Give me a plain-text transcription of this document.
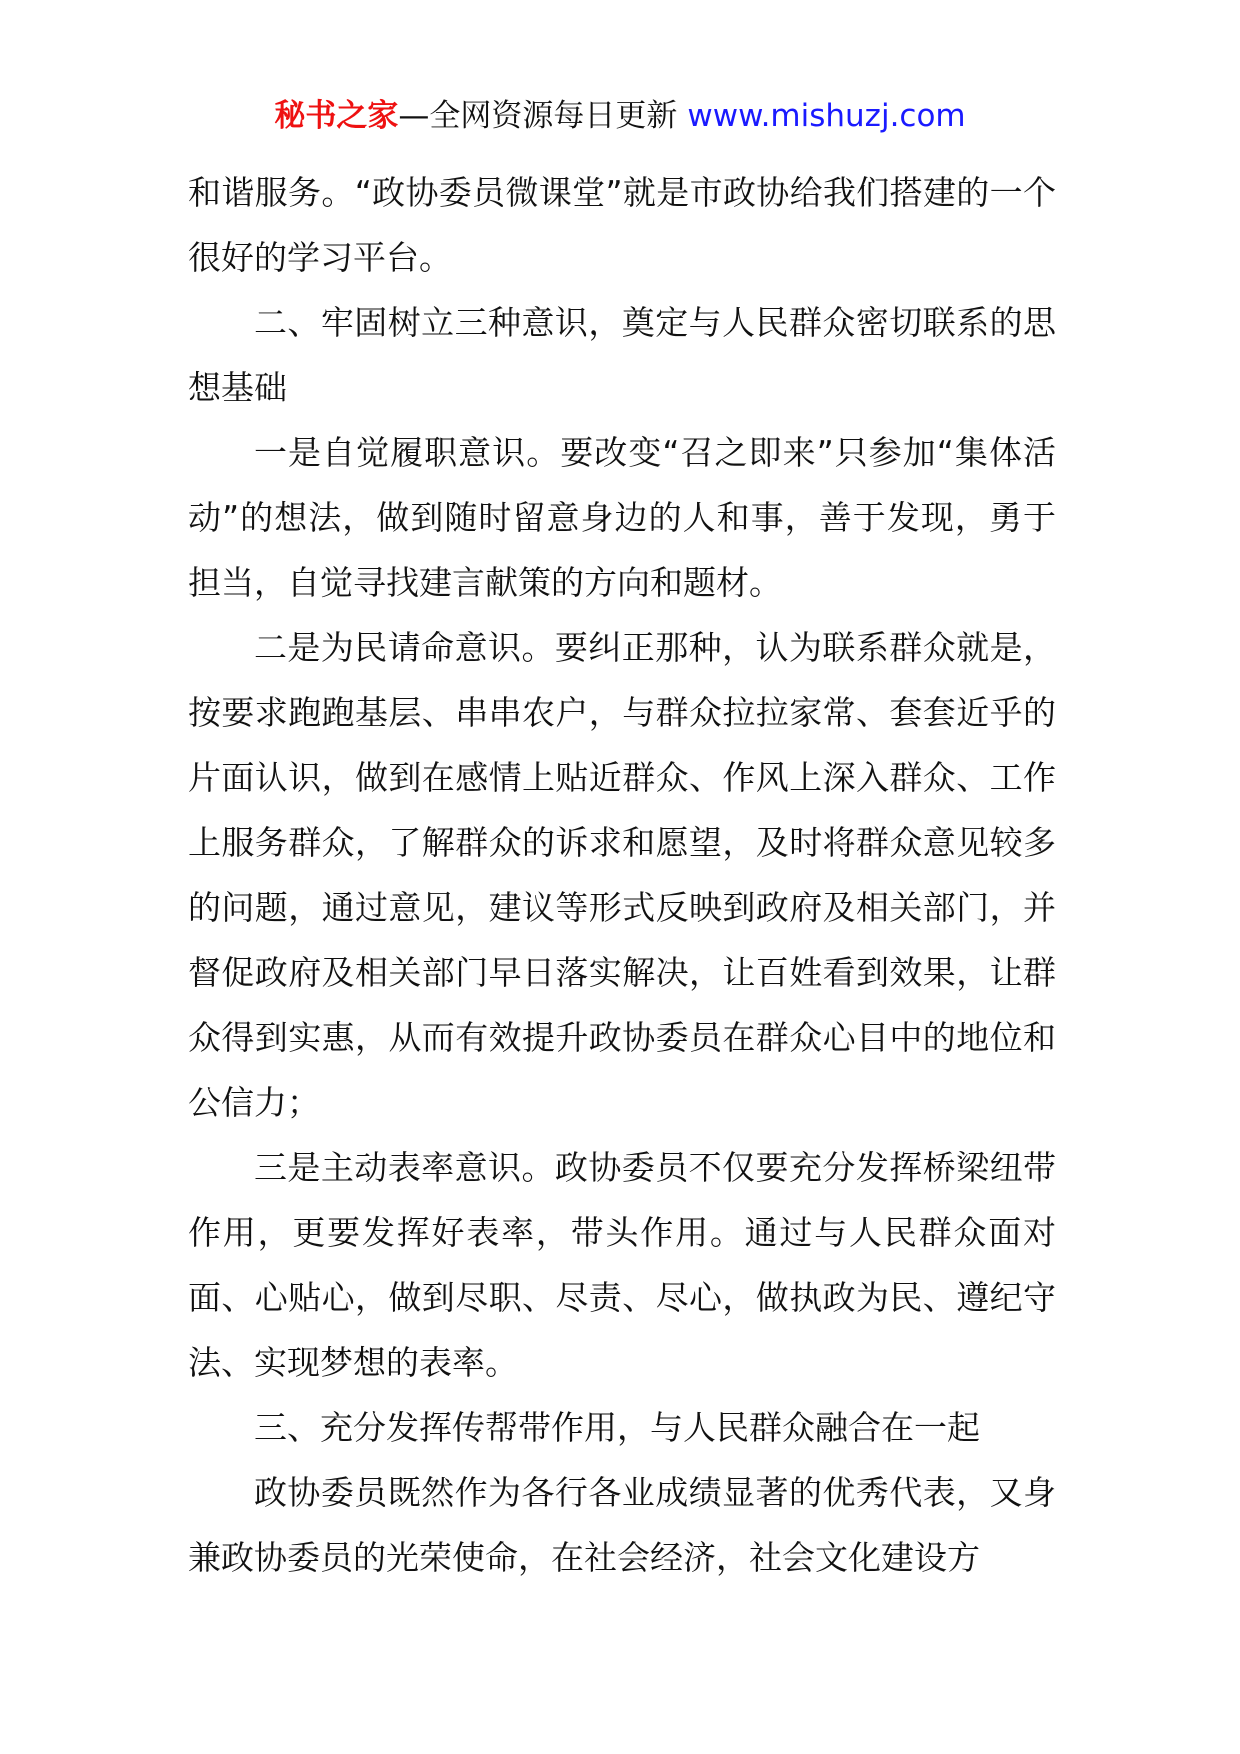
秘书之家—全网资源每日更新 www.mishuzj.com

和谐服务。“政协委员微课堂”就是市政协给我们搭建的一个很好的学习平台。

二、牢固树立三种意识，奠定与人民群众密切联系的思想基础

一是自觉履职意识。要改变“召之即来”只参加“集体活动”的想法，做到随时留意身边的人和事，善于发现，勇于担当，自觉寻找建言献策的方向和题材。

二是为民请命意识。要纠正那种，认为联系群众就是，按要求跑跑基层、串串农户，与群众拉拉家常、套套近乎的片面认识，做到在感情上贴近群众、作风上深入群众、工作上服务群众，了解群众的诉求和愿望，及时将群众意见较多的问题，通过意见，建议等形式反映到政府及相关部门，并督促政府及相关部门早日落实解决，让百姓看到效果，让群众得到实惠，从而有效提升政协委员在群众心目中的地位和公信力；

三是主动表率意识。政协委员不仅要充分发挥桥梁纽带作用，更要发挥好表率，带头作用。通过与人民群众面对面、心贴心，做到尽职、尽责、尽心，做执政为民、遵纪守法、实现梦想的表率。

三、充分发挥传帮带作用，与人民群众融合在一起

政协委员既然作为各行各业成绩显著的优秀代表，又身兼政协委员的光荣使命，在社会经济，社会文化建设方
